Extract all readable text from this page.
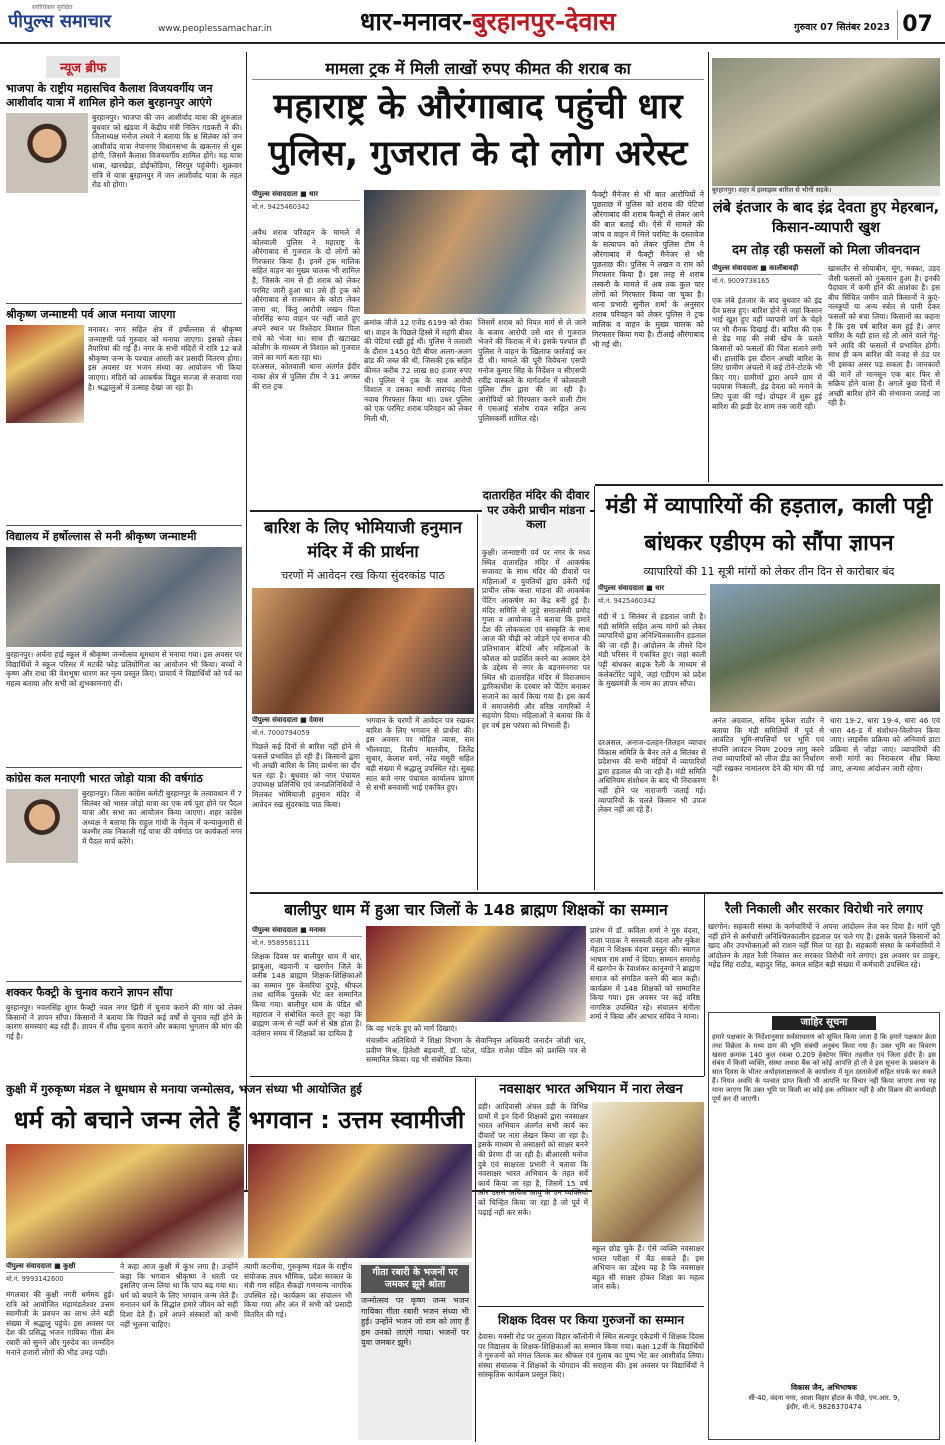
सर्वाधिकार सुरक्षित
पीपुल्स समाचार	www.peoplessamachar.in	धार-मनावर-बुरहानपुर-देवास	गुरुवार 07 सितंबर 2023 07
न्यूज ब्रीफ
भाजपा के राष्ट्रीय महासचिव कैलाश विजयवर्गीय जन आशीर्वाद यात्रा में शामिल होने कल बुरहानपुर आएंगे
बुरहानपुर। भाजपा की जन आशीर्वाद यात्रा की शुरुआत बुधवार को खंडवा में केंद्रीय मंत्री नितिन गडकरी ने की। जिलाध्यक्ष मनोज लधवे ने बताया कि 8 सितंबर को जन आशीर्वाद यात्रा नेपानगर विधानसभा के खकनार से शुरू होगी, जिसमें कैलाश विजयवर्गीय शामिल होंगे। यह यात्रा धाबा, खारखेड़ा, डोईफोड़िया, सिरपुर पहुंचेगी। शुक्रवार रात्रि में यात्रा बुरहानपुर में जन आशीर्वाद यात्रा के तहत रोड शो होगा।
श्रीकृष्ण जन्माष्टमी पर्व आज मनाया जाएगा
मनावर। नगर सहित क्षेत्र में हर्षोल्लास से श्रीकृष्ण जन्माष्टमी पर्व गुरुवार को मनाया जाएगा। इसको लेकर तैयारियां की गई हैं। नगर के सभी मंदिरों में रात्रि 12 बजे श्रीकृष्ण जन्म के पश्चात आरती कर प्रसादी वितरण होगा। इस अवसर पर भजन संध्या का आयोजन भी किया जाएगा। मंदिरों को आकर्षक विद्युत सज्जा से सजाया गया है। श्रद्धालुओं में उत्साह देखा जा रहा है।
विद्यालय में हर्षोल्लास से मनी श्रीकृष्ण जन्माष्टमी
बुरहानपुर। अर्चना हाई स्कूल में श्रीकृष्ण जन्मोत्सव धूमधाम से मनाया गया। इस अवसर पर विद्यार्थियों ने स्कूल परिसर में मटकी फोड़ प्रतियोगिता का आयोजन भी किया। बच्चों ने कृष्ण और राधा की वेशभूषा धारण कर नृत्य प्रस्तुत किए। प्राचार्य ने विद्यार्थियों को पर्व का महत्व बताया और सभी को शुभकामनाएं दीं।
कांग्रेस कल मनाएगी भारत जोड़ो यात्रा की वर्षगांठ
बुरहानपुर। जिला कांग्रेस कमेटी बुरहानपुर के तत्वावधान में 7 सितंबर को भारत जोड़ो यात्रा का एक वर्ष पूरा होने पर पैदल यात्रा और सभा का आयोजन किया जाएगा। शहर कांग्रेस अध्यक्ष ने बताया कि राहुल गांधी के नेतृत्व में कन्याकुमारी से कश्मीर तक निकाली गई यात्रा की वर्षगांठ पर कार्यकर्ता नगर में पैदल मार्च करेंगे।
शक्कर फैक्ट्री के चुनाव कराने ज्ञापन सौंपा
बुरहानपुर। नवलसिंह शुगर फैक्ट्री नवल नगर झिरी में चुनाव कराने की मांग को लेकर किसानों ने ज्ञापन सौंपा। किसानों ने बताया कि पिछले कई वर्षों से चुनाव नहीं होने के कारण समस्याएं बढ़ रही हैं। ज्ञापन में शीघ्र चुनाव कराने और बकाया भुगतान की मांग की गई है।
मामला ट्रक में मिली लाखों रुपए कीमत की शराब का
महाराष्ट्र के औरंगाबाद पहुंची धार पुलिस, गुजरात के दो लोग अरेस्ट
पीपुल्स संवाददाता ■ धार
मो.नं. 9425460342
अवैध शराब परिवहन के मामले में कोतवाली पुलिस ने महाराष्ट्र के औरंगाबाद से गुजरात के दो लोगों को गिरफ्तार किया है। इनमें ट्रक मालिक सहित वाहन का मुख्य चालक भी शामिल है, जिसके नाम से ही शराब को लेकर परमिट जारी हुआ था। उसे ही ट्रक को औरंगाबाद से राजस्थान के कोटा लेकर जाना था, किंतु आरोपी लखन पिता जोरसिंह रूपा वाहन पर नहीं जाते हुए अपने स्थान पर रिश्तेदार विशाल पिता राधे को भेजा था। साथ ही खटाखट कोलीग के माध्यम से विशाल को गुजरात जाने का मार्ग बता रहा था।
दरअसल, कोतवाली थाना अंतर्गत ईदीर नाका क्षेत्र से पुलिस टीम ने 31 अगस्त की रात ट्रक
क्रमांक जीजे 12 एजेड 6199 को रोका था। वाहन के पिछले हिस्से में महंगी बीयर की पेटियां रखी हुई थीं। पुलिस ने तलाशी के दौरान 1450 पेटी बीयर अलग-अलग ब्रांड की जब्त की थी, जिसकी ट्रक सहित कीमत करीब 72 लाख 80 हजार रुपए थी। पुलिस ने ट्रक के साथ आरोपी विशाल व उसका साथी ताराचंद पिता नवाब गिरफ्तार किया था। उधर पुलिस को एक परमिट शराब परिवहन को लेकर मिली थी,
जिसमें शराब को नियत मार्ग से ले जाने के बजाय आरोपी उसे धार से गुजरात भेजने की फिराक में थे। इसके पश्चात ही पुलिस ने वाहन के खिलाफ कार्रवाई कर दी थी। मामले की पूरी विवेचना एसपी मनोज कुमार सिंह के निर्देशन व सीएसपी रवींद्र वास्कले के मार्गदर्शन में कोतवाली पुलिस टीम द्वारा की जा रही है। आरोपियों को गिरफ्तार करने वाली टीम में एसआई संतोष रावत सहित अन्य पुलिसकर्मी शामिल रहे।
फैक्ट्री मैनेजर से भी बात आरोपियों ने पूछताछ में पुलिस को शराब की पेटियां औरंगाबाद की शराब फैक्ट्री से लेकर आने की बात बताई थी। ऐसे में मामले की जांच व वाहन में मिले परमिट के दस्तावेज के सत्यापन को लेकर पुलिस टीम ने औरंगाबाद में फैक्ट्री मैनेजर से भी पूछताछ की। पुलिस ने लखन व राम को गिरफ्तार किया है। इस तरह से शराब तस्करी के मामले में अब तक कुल चार लोगों को गिरफ्तार किया जा चुका है। थाना प्रभारी सुनील शर्मा के अनुसार शराब परिवहन को लेकर पुलिस ने ट्रक मालिक व वाहन के मुख्य चालक को गिरफ्तार किया गया है। टीआई औरंगाबाद भी गई थी।
बुरहानपुर। शहर में झमाझम बारिश से भीगीं सड़कें।
लंबे इंतजार के बाद इंद्र देवता हुए मेहरबान, किसान-व्यापारी खुश
दम तोड़ रही फसलों को मिला जीवनदान
पीपुल्स संवाददाता ■ कालीबावड़ी
मो.नं. 9009738165
एक लंबे इंतजार के बाद बुधवार को इंद्र देव प्रसन्न हुए। बारिश होने से जहां किसान भाई खुश हुए वहीं व्यापारी वर्ग के चेहरे पर भी रौनक दिखाई दी। बारिश की एक से डेढ़ माह की लंबी खेंच के चलते किसानों को फसलों की चिंता सताने लगी थी। हालांकि इस दौरान अच्छी बारिश के लिए ग्रामीण अंचलों में कई टोने-टोटके भी किए गए। ग्रामीणों द्वारा अपने ग्राम में पदयात्रा निकाली, इंद्र देवता को मनाने के लिए पूजा की गई। दोपहर में शुरू हुई बारिश की झड़ी देर शाम तक जारी रही।
खासतौर से सोयाबीन, मूंग, मक्का, उड़द जैसी फसलों को नुकसान हुआ है। इनकी पैदावार में कमी होने की आशंका है। इस बीच सिंचित जमीन वाले किसानों ने कुएं-नलकूपों या अन्य स्त्रोत से पानी देकर फसलों को बचा लिया। किसानों का कहना है कि इस वर्ष बारिश कम हुई है। अगर बारिश के यही हाल रहे तो आने वाले गेहूं-चने आदि की फसलों में प्रभावित होगी। साथ ही कम बारिश की वजह से ठंड पर भी इसका असर पड़ सकता है। जानकारों की मानें तो मानसून एक बार फिर से सक्रिय होने वाला है। अगले कुछ दिनों में अच्छी बारिश होने की संभावना जताई जा रही है।
बारिश के लिए भोमियाजी हनुमान मंदिर में की प्रार्थना
चरणों में आवेदन रख किया सुंदरकांड पाठ
पीपुल्स संवाददाता ■ देवास
मो.नं. 7000794059
पिछले कई दिनों से बारिश नहीं होने से फसलें प्रभावित हो रही हैं। किसानों द्वारा भी अच्छी बारिश के लिए प्रार्थना का दौर चल रहा है। बुधवार को नगर पंचायत उपाध्यक्ष प्रतिनिधि एवं जनप्रतिनिधियों ने मिलकर भोमियाजी हनुमान मंदिर में आवेदन रख सुंदरकांड पाठ किया।
भगवान के चरणों में आवेदन पत्र रखकर बारिश के लिए भगवान से प्रार्थना की। इस अवसर पर मोहित व्यास, राम भीलवाड़ा, दिलीप मालवीय, जितेंद्र सुथार, केलाश वर्मा, नरेंद्र मंसूरी सहित बड़ी संख्या में श्रद्धालु उपस्थित रहे। सुबह सात बजे नगर पंचायत कार्यालय प्रांगण से सभी बनवासी भाई एकत्रित हुए।
दातारहित मंदिर की दीवार पर उकेरी प्राचीन मांडना कला
कुक्षी। जन्माष्टमी पर्व पर नगर के मध्य स्थित दातारहित मंदिर में आकर्षक सजावट के साथ मंदिर की दीवारों पर महिलाओं व युवतियों द्वारा उकेरी गई प्राचीन लोक कला मांडना की आकर्षक पेंटिंग आकर्षण का केंद्र बनी हुई है। मंदिर समिति से जुड़े समाजसेवी प्रमोद गुप्ता व आयोजक ने बताया कि हमारे देश की लोककला एवं संस्कृति के साथ आज की पीढ़ी को जोड़ने एवं समाज की प्रतिभावान बेटियों और महिलाओं के कौशल को प्रदर्शित करने का अवसर देने के उद्देश्य से नगर के बड़नमनगरा पर स्थित श्री दातारहित मंदिर में विराजमान द्वारिकाधीश के दरबार को पेंटिंग बनाकर सजाने का कार्य किया गया है। इस कार्य में समाजसेवी और वरिष्ठ नागरिकों ने सहयोग दिया। महिलाओं ने बताया कि वे हर वर्ष इस परंपरा को निभाती हैं।
मंडी में व्यापारियों की हड़ताल, काली पट्टी बांधकर एडीएम को सौंपा ज्ञापन
व्यापारियों की 11 सूत्री मांगों को लेकर तीन दिन से कारोबार बंद
पीपुल्स संवाददाता ■ धार
मो.नं. 9425460342
मंडी में 1 सितंबर से हड़ताल जारी है। मंडी समिति सहित अन्य मांगों को लेकर व्यापारियों द्वारा अनिश्चितकालीन हड़ताल की जा रही है। आंदोलन के तीसरे दिन मंडी परिसर में एकत्रित हुए। जहां काली पट्टी बांधकर बाइक रैली के माध्यम से कलेक्टोरेट पहुंचे, जहां एडीएम को प्रदेश के मुख्यमंत्री के नाम का ज्ञापन सौंपा।
दरअसल, अनाज-दलहन-तिलहन व्यापार विकास समिति के बैनर तले 4 सितंबर से प्रदेशभर की सभी मंडियों में व्यापारियों द्वारा हड़ताल की जा रही है। मंडी समिति अधिनियम संशोधन के बाद भी निराकरण नहीं होने पर नाराजगी जताई गई। व्यापारियों के चलते किसान भी उपज लेकर नहीं आ रहे हैं।
अनंत अग्रवाल, सचिव मुकेश राठौर ने बताया कि मंडी समितियों में पूर्व से आवंटित भूमि-संपत्तियों पर भूमि एवं संपत्ति आवंटन नियम 2009 लागू करने तथा व्यापारियों को लीज डीड का निर्धारण नहीं रखकर नामांतरण देने की मांग की गई है।
धारा 19-2, धारा 19-4, धारा 46 एवं धारा 46-ड में संशोधन-विलोपन किया जाए। लाइसेंस प्रक्रिया को अनिवार्य डाटा प्रक्रिया से जोड़ा जाए। व्यापारियों की सभी मांगों का निराकरण शीघ्र किया जाए, अन्यथा आंदोलन जारी रहेगा।
बालीपुर धाम में हुआ चार जिलों के 148 ब्राह्मण शिक्षकों का सम्मान
पीपुल्स संवाददाता ■ मनावर
मो.नं. 9589581111
शिक्षक दिवस पर बालीपुर धाम में धार, झाबुआ, बड़वानी व खरगोन जिले के करीब 148 ब्राह्मण शिक्षक-शिक्षिकाओं का सम्मान गुरु केसरिया दुपट्टे, श्रीफल तथा धार्मिक पुस्तकें भेंट कर सम्मानित किया गया। बालीपुर धाम के पंडित श्री महाराज ने संबोधित करते हुए कहा कि ब्राह्मण जन्म से नहीं कर्म से श्रेष्ठ होता है। वर्तमान समय में शिक्षकों का दायित्व है
कि वह भटके हुए को मार्ग दिखाएं।
मंचासीन अतिथियों ने शिक्षा विभाग के सेवानिवृत्त अधिकारी जनार्दन जोशी धार, प्रवीण मिश्र, हितेशी बड़वानी, डॉ. पटेल, पंडित राजेश पंडित को प्रशस्ति पत्र से सम्मानित किया। यह भी संबोधित किया।
प्रारंभ में डॉ. कविता शर्मा ने गुरु वंदना, राजा पाठक ने सरस्वती वंदना और मुकेश मेहता ने शिक्षक वंदना प्रस्तुत की। स्वागत भाषण राम शर्मा ने दिया। सम्मान समारोह में खरगोन के रेवाशंकर कानूनगो ने ब्राह्मण समाज को संगठित करने की बात कही। कार्यक्रम में 148 शिक्षकों को सम्मानित किया गया। इस अवसर पर कई वरिष्ठ नागरिक उपस्थित रहे। संचालन संगीता शर्मा ने किया और आभार सचिव ने माना।
रैली निकाली और सरकार विरोधी नारे लगाए
खरगोन। सहकारी संस्था के कर्मचारियों ने अपना आंदोलन तेज कर दिया है। मांगें पूरी नहीं होने से कर्मचारी अनिश्चितकालीन हड़ताल पर चले गए हैं। इसके चलते किसानों को खाद और उपभोक्ताओं को राशन नहीं मिल पा रहा है। सहकारी संस्था के कर्मचारियों ने आंदोलन के तहत रैली निकाल कर सरकार विरोधी नारे लगाए। इस अवसर पर ठाकुर, महेंद्र सिंह राठौड़, बहादुर सिंह, कमल सहित बड़ी संख्या में कर्मचारी उपस्थित रहे।
जाहिर सूचना
हमारे पक्षकार के निर्देशानुसार सर्वसाधारण को सूचित किया जाता है कि हमारे पक्षकार क्रेता तथा विक्रेता के मध्य ग्राम की भूमि संबंधी अनुबंध किया गया है। उक्त भूमि का विवरण खसरा क्रमांक 140 कुल रकबा 0.209 हेक्टेयर स्थित तहसील एवं जिला इंदौर है। इस संबंध में किसी व्यक्ति, संस्था अथवा बैंक को कोई आपत्ति हो तो वे इस सूचना के प्रकाशन के सात दिवस के भीतर अधोहस्ताक्षरकर्ता के कार्यालय में मूल दस्तावेजों सहित संपर्क कर सकते हैं। नियत अवधि के पश्चात प्राप्त किसी भी आपत्ति पर विचार नहीं किया जाएगा तथा यह माना जाएगा कि उक्त भूमि पर किसी का कोई हक अधिकार नहीं है और विक्रय की कार्यवाही पूर्ण कर दी जाएगी।
विकास जैन, अभिभाषक
सी-40, वंदना नगर, आशा विहार होटल के पीछे, एम.आर. 9,
इंदौर, मो.नं. 9826370474
नवसाक्षर भारत अभियान में नारा लेखन
डही। आदिवासी अंचल डही के विभिन्न ग्रामों में इन दिनों शिक्षकों द्वारा नवसाक्षर भारत अभियान अंतर्गत सभी कार्य कर दीवारों पर नारा लेखन किया जा रहा है। इसके माध्यम से असाक्षरों को साक्षर बनने की प्रेरणा दी जा रही है। बीआरसी मनोज दुबे एवं साक्षरता प्रभारी ने बताया कि नवसाक्षर भारत अभियान के तहत सर्वे कार्य किया जा रहा है, जिसमें 15 वर्ष और उससे अधिक आयु के उन व्यक्तियों को चिन्हित किया जा रहा है जो पूर्व में पढ़ाई नहीं कर सके।
स्कूल छोड़ चुके हैं। ऐसे व्यक्ति नवसाक्षर भारत परीक्षा में बैठ सकते हैं। इस अभियान का उद्देश्य यह है कि नवसाक्षर बहुत सी साक्षर होकर शिक्षा का महत्व जान सकें।
शिक्षक दिवस पर किया गुरुजनों का सम्मान
देवास। मक्सी रोड पर तुलजा विहार कॉलोनी में स्थित सत्यपुर एकेडमी में शिक्षक दिवस पर विद्यालय के शिक्षक-शिक्षिकाओं का सम्मान किया गया। कक्षा 12वीं के विद्यार्थियों ने गुरुजनों को मंगल तिलक कर श्रीफल एवं गुलाब का पुष्प भेंट कर आशीर्वाद लिया। संस्था संचालक ने शिक्षकों के योगदान की सराहना की। इस अवसर पर विद्यार्थियों ने सांस्कृतिक कार्यक्रम प्रस्तुत किए।
कुक्षी में गुरुकृष्ण मंडल ने धूमधाम से मनाया जन्मोत्सव, भजन संध्या भी आयोजित हुई
धर्म को बचाने जन्म लेते हैं भगवान : उत्तम स्वामीजी
पीपुल्स संवाददाता ■ कुक्षी
मो.नं. 9993142600
मंगलवार की कुक्षी नगरी धर्ममय हुई। रात्रि को आयोजित महामंडलेश्वर उत्तम स्वामीजी के प्रवचन का लाभ लेने बड़ी संख्या में श्रद्धालु पहुंचे। इस अवसर पर देश की प्रसिद्ध भजन गायिका गीता बेन रबारी को सुनने और गुरुदेव का जन्मदिन मनाने हजारों लोगों की भीड़ उमड़ पड़ी।
ने कहा आज कुक्षी में कुंभ लगा है। उन्होंने कहा कि भगवान श्रीकृष्ण ने धरती पर इसलिए जन्म लिया था कि पाप बढ़ गया था। धर्म को बचाने के लिए भगवान जन्म लेते हैं। सनातन धर्म के सिद्धांत हमारे जीवन को सही दिशा देते हैं। हमें अपने संस्कारों को कभी नहीं भूलना चाहिए।
त्यागी कटनीया, गुरुकृष्ण मंडल के राष्ट्रीय संयोजक तपन भौमिक, प्रदेश सरकार के मंत्री गण सहित सैकड़ों गणमान्य नागरिक उपस्थित रहे। कार्यक्रम का संचालन भी किया गया और अंत में सभी को प्रसादी वितरित की गई।
गीता रबारी के भजनों पर जमकर झूमे श्रोता
जन्मोत्सव पर कृष्ण जन्म भजन गायिका गीता रबारी भजन संध्या भी हुई। उन्होंने भजन जो राम को लाए हैं हम उनको लाएंगे गाया। भजनों पर युवा जमकर झूमे।
